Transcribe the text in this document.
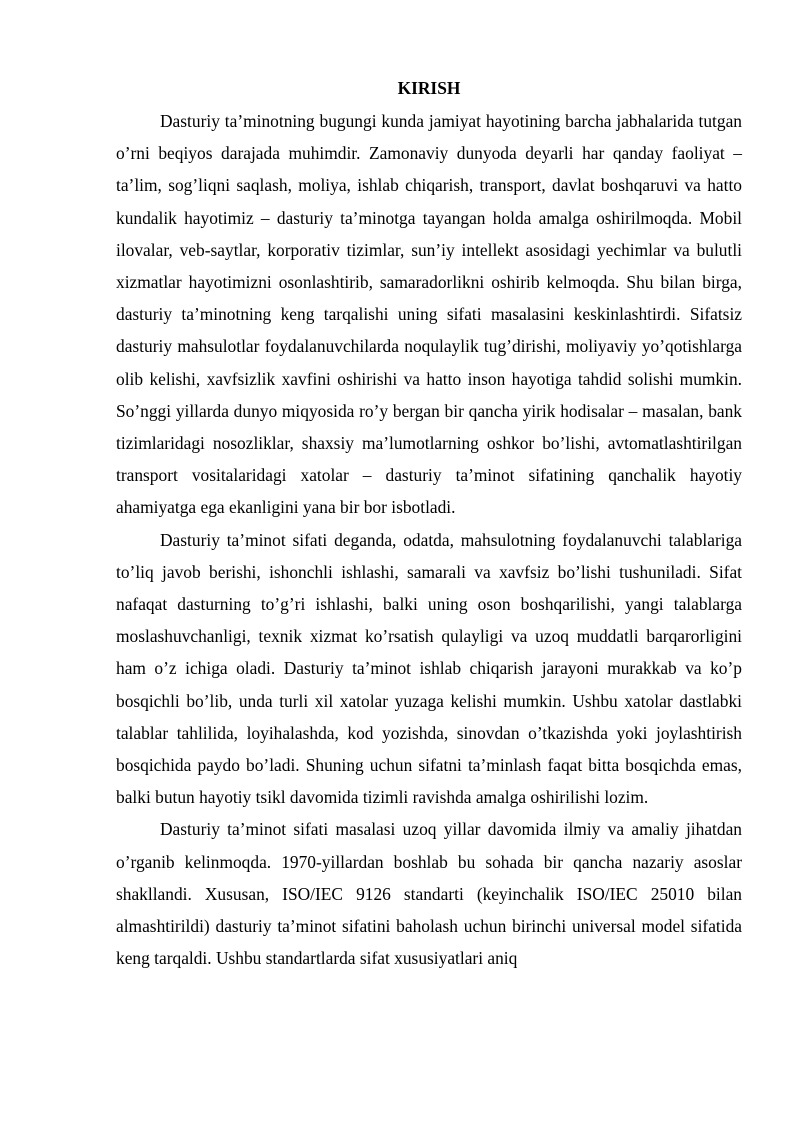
KIRISH

Dasturiy ta’minotning bugungi kunda jamiyat hayotining barcha jabhalarida tutgan o’rni beqiyos darajada muhimdir. Zamonaviy dunyoda deyarli har qanday faoliyat – ta’lim, sog’liqni saqlash, moliya, ishlab chiqarish, transport, davlat boshqaruvi va hatto kundalik hayotimiz – dasturiy ta’minotga tayangan holda amalga oshirilmoqda. Mobil ilovalar, veb-saytlar, korporativ tizimlar, sun’iy intellekt asosidagi yechimlar va bulutli xizmatlar hayotimizni osonlashtirib, samaradorlikni oshirib kelmoqda. Shu bilan birga, dasturiy ta’minotning keng tarqalishi uning sifati masalasini keskinlashtirdi. Sifatsiz dasturiy mahsulotlar foydalanuvchilarda noqulaylik tug’dirishi, moliyaviy yo’qotishlarga olib kelishi, xavfsizlik xavfini oshirishi va hatto inson hayotiga tahdid solishi mumkin. So’nggi yillarda dunyo miqyosida ro’y bergan bir qancha yirik hodisalar – masalan, bank tizimlaridagi nosozliklar, shaxsiy ma’lumotlarning oshkor bo’lishi, avtomatlashtirilgan transport vositalaridagi xatolar – dasturiy ta’minot sifatining qanchalik hayotiy ahamiyatga ega ekanligini yana bir bor isbotladi.

Dasturiy ta’minot sifati deganda, odatda, mahsulotning foydalanuvchi talablariga to’liq javob berishi, ishonchli ishlashi, samarali va xavfsiz bo’lishi tushuniladi. Sifat nafaqat dasturning to’g’ri ishlashi, balki uning oson boshqarilishi, yangi talablarga moslashuvchanligi, texnik xizmat ko’rsatish qulayligi va uzoq muddatli barqarorligini ham o’z ichiga oladi. Dasturiy ta’minot ishlab chiqarish jarayoni murakkab va ko’p bosqichli bo’lib, unda turli xil xatolar yuzaga kelishi mumkin. Ushbu xatolar dastlabki talablar tahlilida, loyihalashda, kod yozishda, sinovdan o’tkazishda yoki joylashtirish bosqichida paydo bo’ladi. Shuning uchun sifatni ta’minlash faqat bitta bosqichda emas, balki butun hayotiy tsikl davomida tizimli ravishda amalga oshirilishi lozim.

Dasturiy ta’minot sifati masalasi uzoq yillar davomida ilmiy va amaliy jihatdan o’rganib kelinmoqda. 1970-yillardan boshlab bu sohada bir qancha nazariy asoslar shakllandi. Xususan, ISO/IEC 9126 standarti (keyinchalik ISO/IEC 25010 bilan almashtirildi) dasturiy ta’minot sifatini baholash uchun birinchi universal model sifatida keng tarqaldi. Ushbu standartlarda sifat xususiyatlari aniq
